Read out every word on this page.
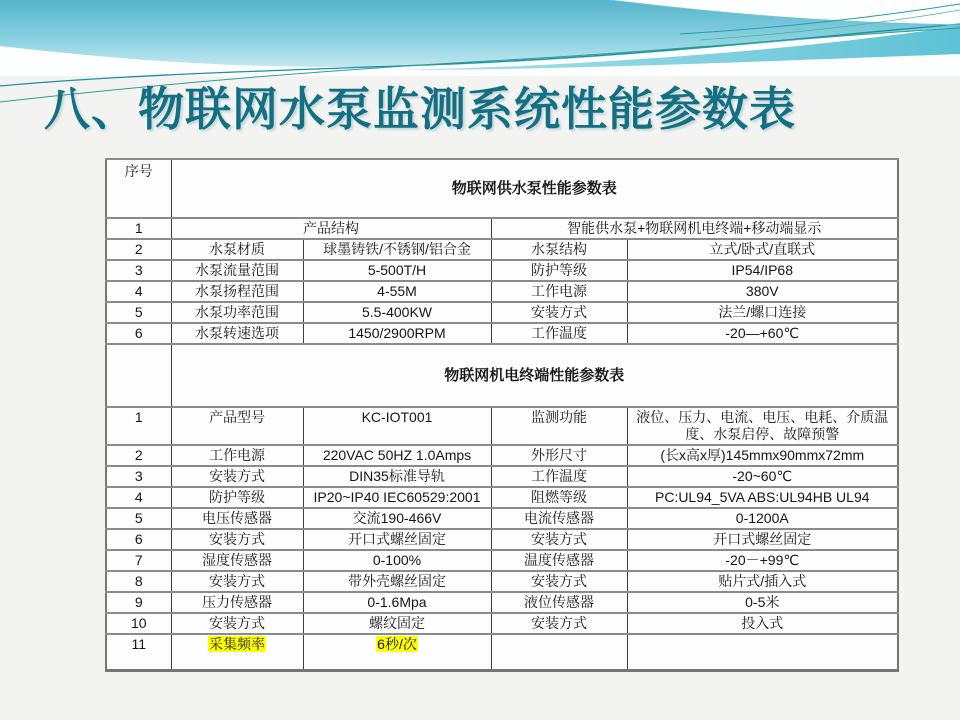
八、物联网水泵监测系统性能参数表
序号	物联网供水泵性能参数表			
1	产品结构		智能供水泵+物联网机电终端+移动端显示	
2	水泵材质	球墨铸铁/不锈钢/铝合金	水泵结构	立式/卧式/直联式
3	水泵流量范围	5-500T/H	防护等级	IP54/IP68
4	水泵扬程范围	4-55M	工作电源	380V
5	水泵功率范围	5.5-400KW	安装方式	法兰/螺口连接
6	水泵转速选项	1450/2900RPM	工作温度	-20—+60℃
	物联网机电终端性能参数表			
1	产品型号	KC-IOT001	监测功能	液位、压力、电流、电压、电耗、介质温度、水泵启停、故障预警
2	工作电源	220VAC 50HZ 1.0Amps	外形尺寸	(长x高x厚)145mmx90mmx72mm
3	安装方式	DIN35标准导轨	工作温度	-20~60℃
4	防护等级	IP20~IP40 IEC60529:2001	阻燃等级	PC:UL94_5VA ABS:UL94HB UL94
5	电压传感器	交流190-466V	电流传感器	0-1200A
6	安装方式	开口式螺丝固定	安装方式	开口式螺丝固定
7	湿度传感器	0-100%	温度传感器	-20－+99℃
8	安装方式	带外壳螺丝固定	安装方式	贴片式/插入式
9	压力传感器	0-1.6Mpa	液位传感器	0-5米
10	安装方式	螺纹固定	安装方式	投入式
11	采集频率	6秒/次		
